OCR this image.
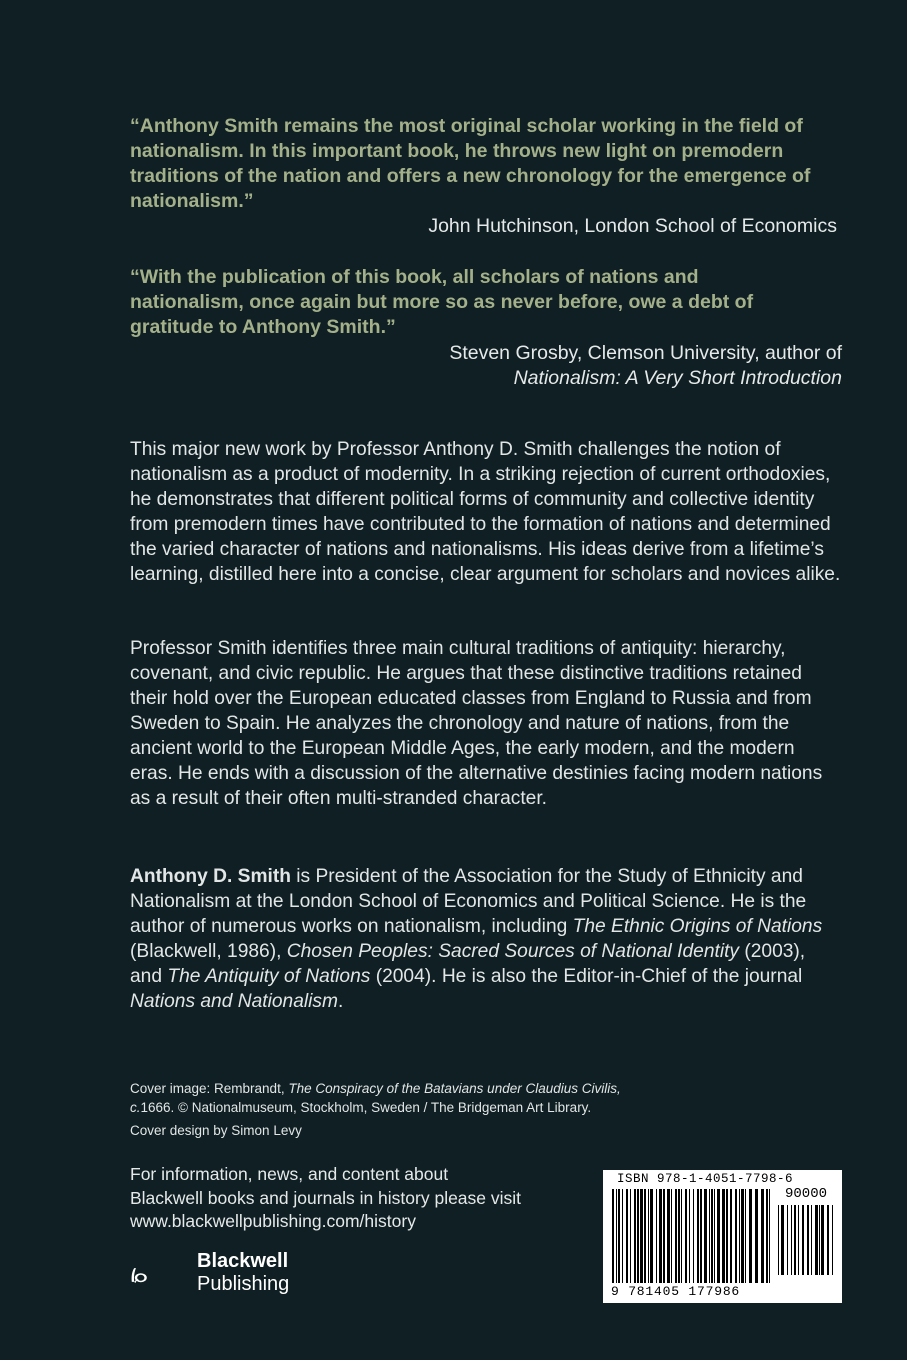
“Anthony Smith remains the most original scholar working in the field of nationalism. In this important book, he throws new light on premodern traditions of the nation and offers a new chronology for the emergence of nationalism.”
John Hutchinson, London School of Economics
“With the publication of this book, all scholars of nations and nationalism, once again but more so as never before, owe a debt of gratitude to Anthony Smith.”
Steven Grosby, Clemson University, author of
Nationalism: A Very Short Introduction
This major new work by Professor Anthony D. Smith challenges the notion of nationalism as a product of modernity. In a striking rejection of current orthodoxies, he demonstrates that different political forms of community and collective identity from premodern times have contributed to the formation of nations and determined the varied character of nations and nationalisms. His ideas derive from a lifetime’s learning, distilled here into a concise, clear argument for scholars and novices alike.
Professor Smith identifies three main cultural traditions of antiquity: hierarchy, covenant, and civic republic. He argues that these distinctive traditions retained their hold over the European educated classes from England to Russia and from Sweden to Spain. He analyzes the chronology and nature of nations, from the ancient world to the European Middle Ages, the early modern, and the modern eras. He ends with a discussion of the alternative destinies facing modern nations as a result of their often multi-stranded character.
Anthony D. Smith is President of the Association for the Study of Ethnicity and Nationalism at the London School of Economics and Political Science. He is the author of numerous works on nationalism, including The Ethnic Origins of Nations (Blackwell, 1986), Chosen Peoples: Sacred Sources of National Identity (2003), and The Antiquity of Nations (2004). He is also the Editor-in-Chief of the journal Nations and Nationalism.
Cover image: Rembrandt, The Conspiracy of the Batavians under Claudius Civilis,
c.1666. © Nationalmuseum, Stockholm, Sweden / The Bridgeman Art Library.
Cover design by Simon Levy
For information, news, and content about
Blackwell books and journals in history please visit
www.blackwellpublishing.com/history
Blackwell
Publishing
ISBN 978-1-4051-7798-6
90000
9 781405 177986
